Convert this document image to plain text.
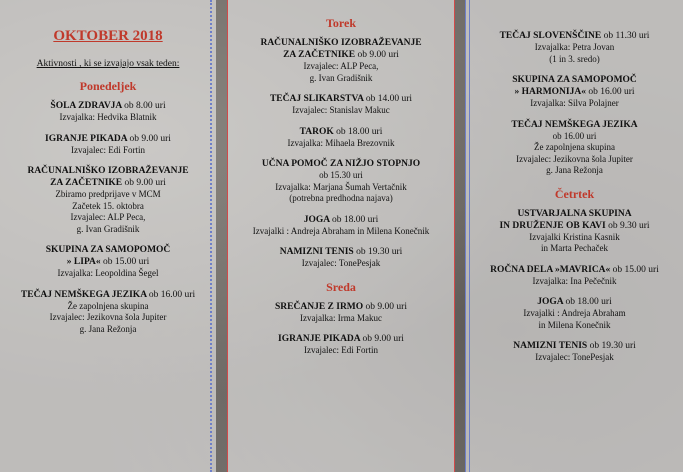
OKTOBER 2018
Aktivnosti , ki se izvajajo vsak teden:
Ponedeljek
ŠOLA ZDRAVJA ob 8.00 uri
Izvajalka: Hedvika Blatnik
IGRANJE PIKADA ob 9.00 uri
Izvajalec: Edi Fortin
RAČUNALNIŠKO IZOBRAŽEVANJE
ZA ZAČETNIKE ob 9.00 uri
Zbiramo predprijave v MCM
Začetek 15. oktobra
Izvajalec: ALP Peca,
g. Ivan Gradišnik
SKUPINA ZA SAMOPOMOČ
» LIPA« ob 15.00 uri
Izvajalka: Leopoldina Šegel
TEČAJ NEMŠKEGA JEZIKA ob 16.00 uri
Že zapolnjena skupina
Izvajalec: Jezikovna šola Jupiter
g. Jana Režonja
Torek
RAČUNALNIŠKO IZOBRAŽEVANJE
ZA ZAČETNIKE ob 9.00 uri
Izvajalec: ALP Peca,
g. Ivan Gradišnik
TEČAJ SLIKARSTVA ob 14.00 uri
Izvajalec: Stanislav Makuc
TAROK ob 18.00 uri
Izvajalka: Mihaela Brezovnik
UČNA POMOČ ZA NIŽJO STOPNJO
ob 15.30 uri
Izvajalka: Marjana Šumah Vertačnik
(potrebna predhodna najava)
JOGA ob 18.00 uri
Izvajalki : Andreja Abraham in Milena Konečnik
NAMIZNI TENIS ob 19.30 uri
Izvajalec: TonePesjak
Sreda
SREČANJE Z IRMO ob 9.00 uri
Izvajalka: Irma Makuc
IGRANJE PIKADA ob 9.00 uri
Izvajalec: Edi Fortin
TEČAJ SLOVENŠČINE ob 11.30 uri
Izvajalka: Petra Jovan
(1 in 3. sredo)
SKUPINA ZA SAMOPOMOČ
» HARMONIJA« ob 16.00 uri
Izvajalka: Silva Polajner
TEČAJ NEMŠKEGA JEZIKA
ob 16.00 uri
Že zapolnjena skupina
Izvajalec: Jezikovna šola Jupiter
g. Jana Režonja
Četrtek
USTVARJALNA SKUPINA
IN DRUŽENJE OB KAVI ob 9.30 uri
Izvajalki Kristina Kasnik
in Marta Pechaček
ROČNA DELA »MAVRICA« ob 15.00 uri
Izvajalka: Ina Pečečnik
JOGA ob 18.00 uri
Izvajalki : Andreja Abraham
in Milena Konečnik
NAMIZNI TENIS ob 19.30 uri
Izvajalec: TonePesjak
